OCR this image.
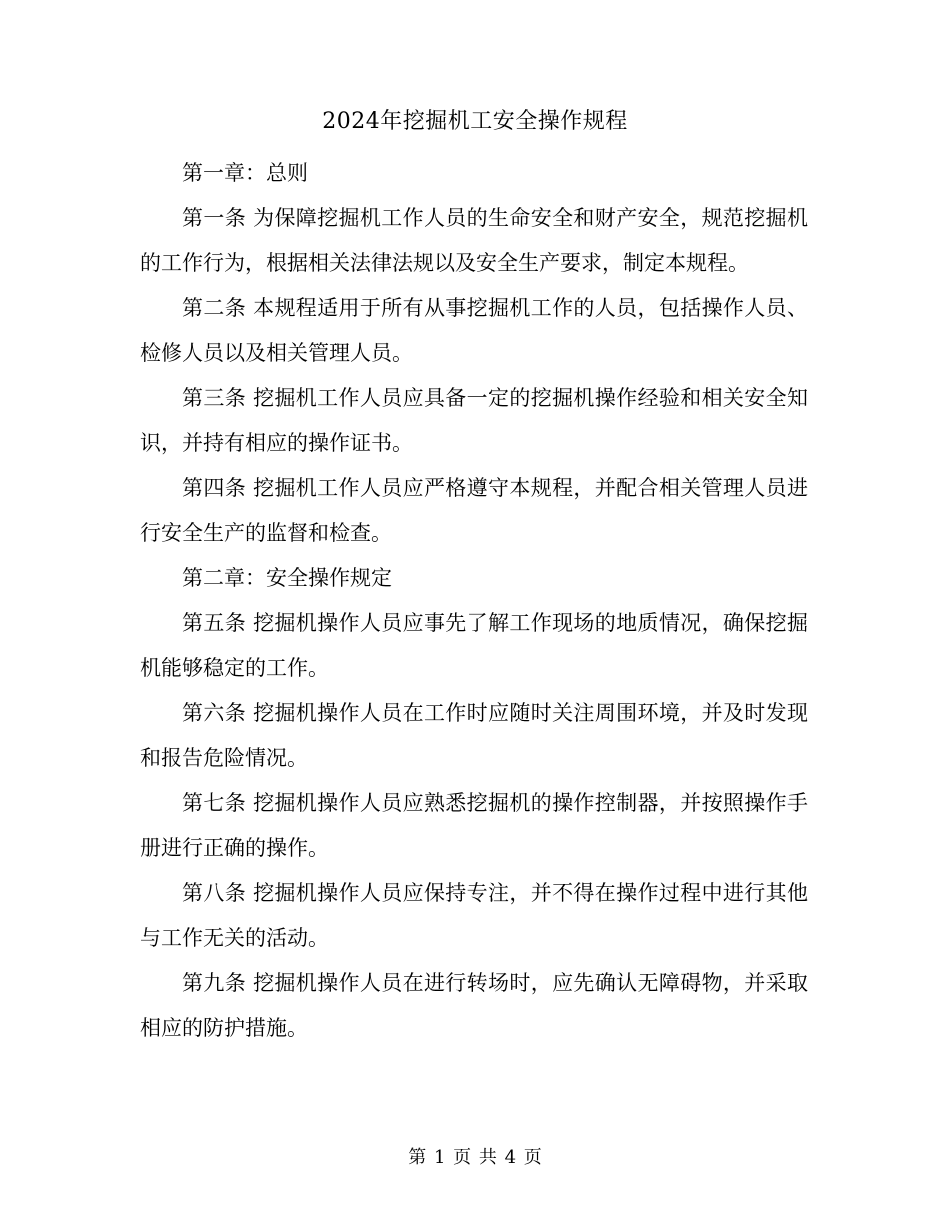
2024年挖掘机工安全操作规程

第一章：总则

第一条 为保障挖掘机工作人员的生命安全和财产安全，规范挖掘机的工作行为，根据相关法律法规以及安全生产要求，制定本规程。

第二条 本规程适用于所有从事挖掘机工作的人员，包括操作人员、检修人员以及相关管理人员。

第三条 挖掘机工作人员应具备一定的挖掘机操作经验和相关安全知识，并持有相应的操作证书。

第四条 挖掘机工作人员应严格遵守本规程，并配合相关管理人员进行安全生产的监督和检查。

第二章：安全操作规定

第五条 挖掘机操作人员应事先了解工作现场的地质情况，确保挖掘机能够稳定的工作。

第六条 挖掘机操作人员在工作时应随时关注周围环境，并及时发现和报告危险情况。

第七条 挖掘机操作人员应熟悉挖掘机的操作控制器，并按照操作手册进行正确的操作。

第八条 挖掘机操作人员应保持专注，并不得在操作过程中进行其他与工作无关的活动。

第九条 挖掘机操作人员在进行转场时，应先确认无障碍物，并采取相应的防护措施。

第 1 页 共 4 页
